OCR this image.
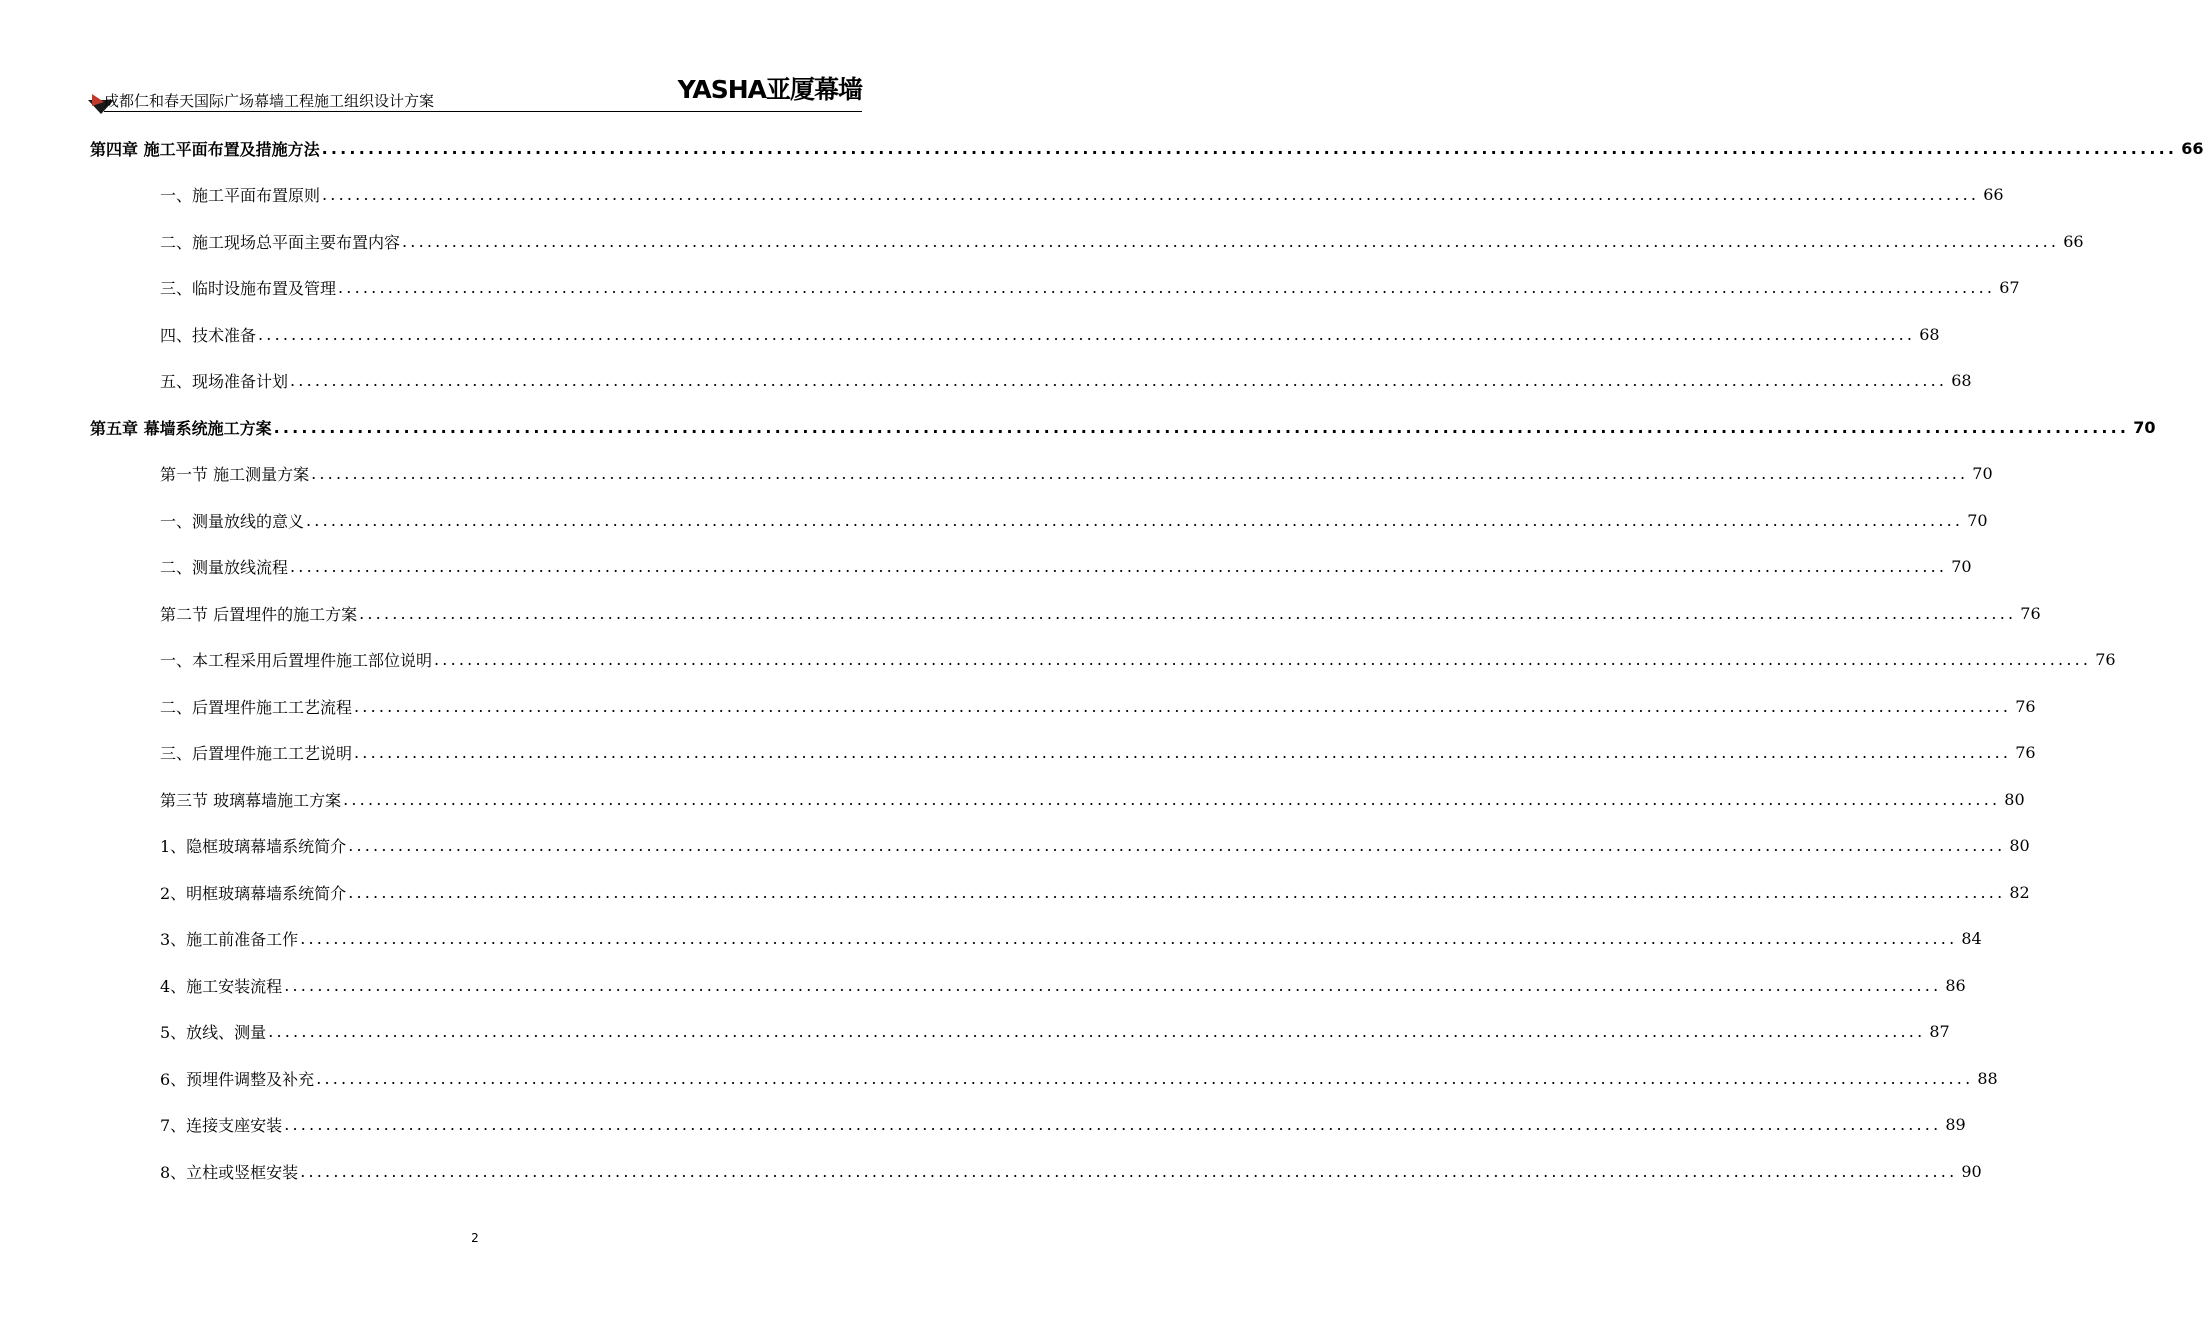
成都仁和春天国际广场幕墙工程施工组织设计方案	YASHA亚厦幕墙
第四章 施工平面布置及措施方法 ........................................................................................................................................................................................................ 66
一、施工平面布置原则 ........................................................................................................................................................................................................ 66
二、施工现场总平面主要布置内容 ........................................................................................................................................................................................................ 66
三、临时设施布置及管理 ........................................................................................................................................................................................................ 67
四、技术准备 ........................................................................................................................................................................................................ 68
五、现场准备计划 ........................................................................................................................................................................................................ 68
第五章 幕墙系统施工方案 ........................................................................................................................................................................................................ 70
第一节 施工测量方案 ........................................................................................................................................................................................................ 70
一、测量放线的意义 ........................................................................................................................................................................................................ 70
二、测量放线流程 ........................................................................................................................................................................................................ 70
第二节 后置埋件的施工方案 ........................................................................................................................................................................................................ 76
一、本工程采用后置埋件施工部位说明 ........................................................................................................................................................................................................ 76
二、后置埋件施工工艺流程 ........................................................................................................................................................................................................ 76
三、后置埋件施工工艺说明 ........................................................................................................................................................................................................ 76
第三节 玻璃幕墙施工方案 ........................................................................................................................................................................................................ 80
1、隐框玻璃幕墙系统简介 ........................................................................................................................................................................................................ 80
2、明框玻璃幕墙系统简介 ........................................................................................................................................................................................................ 82
3、施工前准备工作 ........................................................................................................................................................................................................ 84
4、施工安装流程 ........................................................................................................................................................................................................ 86
5、放线、测量 ........................................................................................................................................................................................................ 87
6、预埋件调整及补充 ........................................................................................................................................................................................................ 88
7、连接支座安装 ........................................................................................................................................................................................................ 89
8、立柱或竖框安装 ........................................................................................................................................................................................................ 90
2
